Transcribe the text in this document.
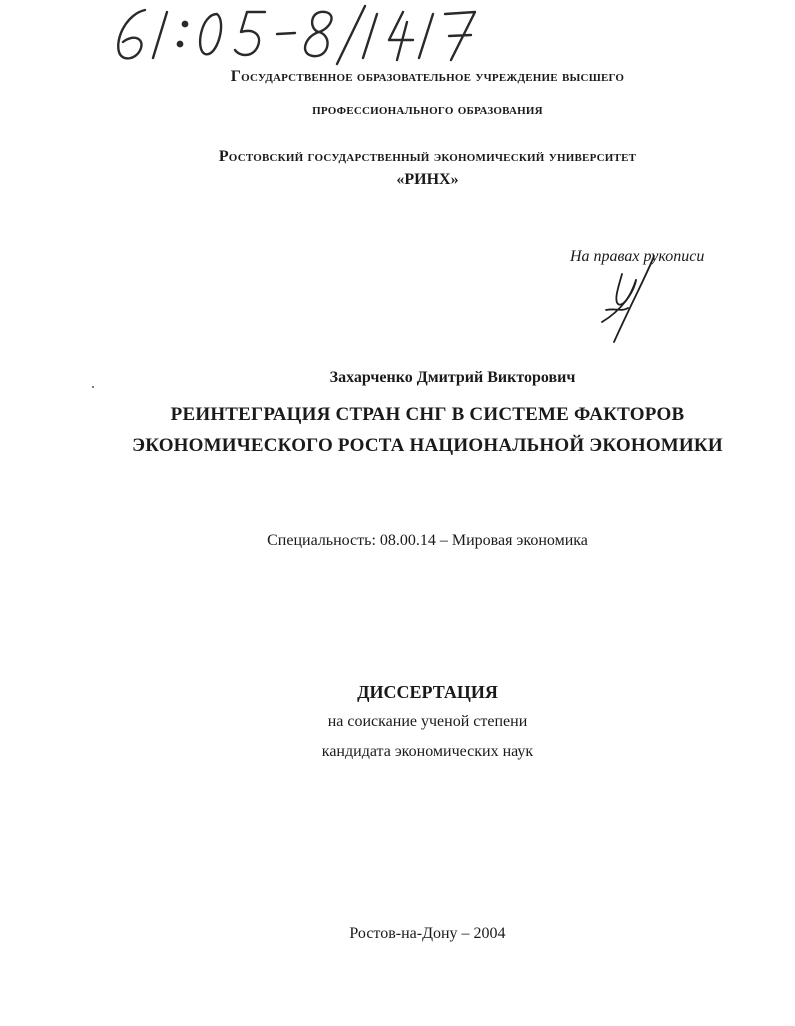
Государственное образовательное учреждение высшего
профессионального образования
Ростовский государственный экономический университет
«РИНХ»
На правах рукописи
Захарченко Дмитрий Викторович
РЕИНТЕГРАЦИЯ СТРАН СНГ В СИСТЕМЕ ФАКТОРОВ
ЭКОНОМИЧЕСКОГО РОСТА НАЦИОНАЛЬНОЙ ЭКОНОМИКИ
Специальность: 08.00.14 – Мировая экономика
ДИССЕРТАЦИЯ
на соискание ученой степени
кандидата экономических наук
Ростов-на-Дону – 2004
